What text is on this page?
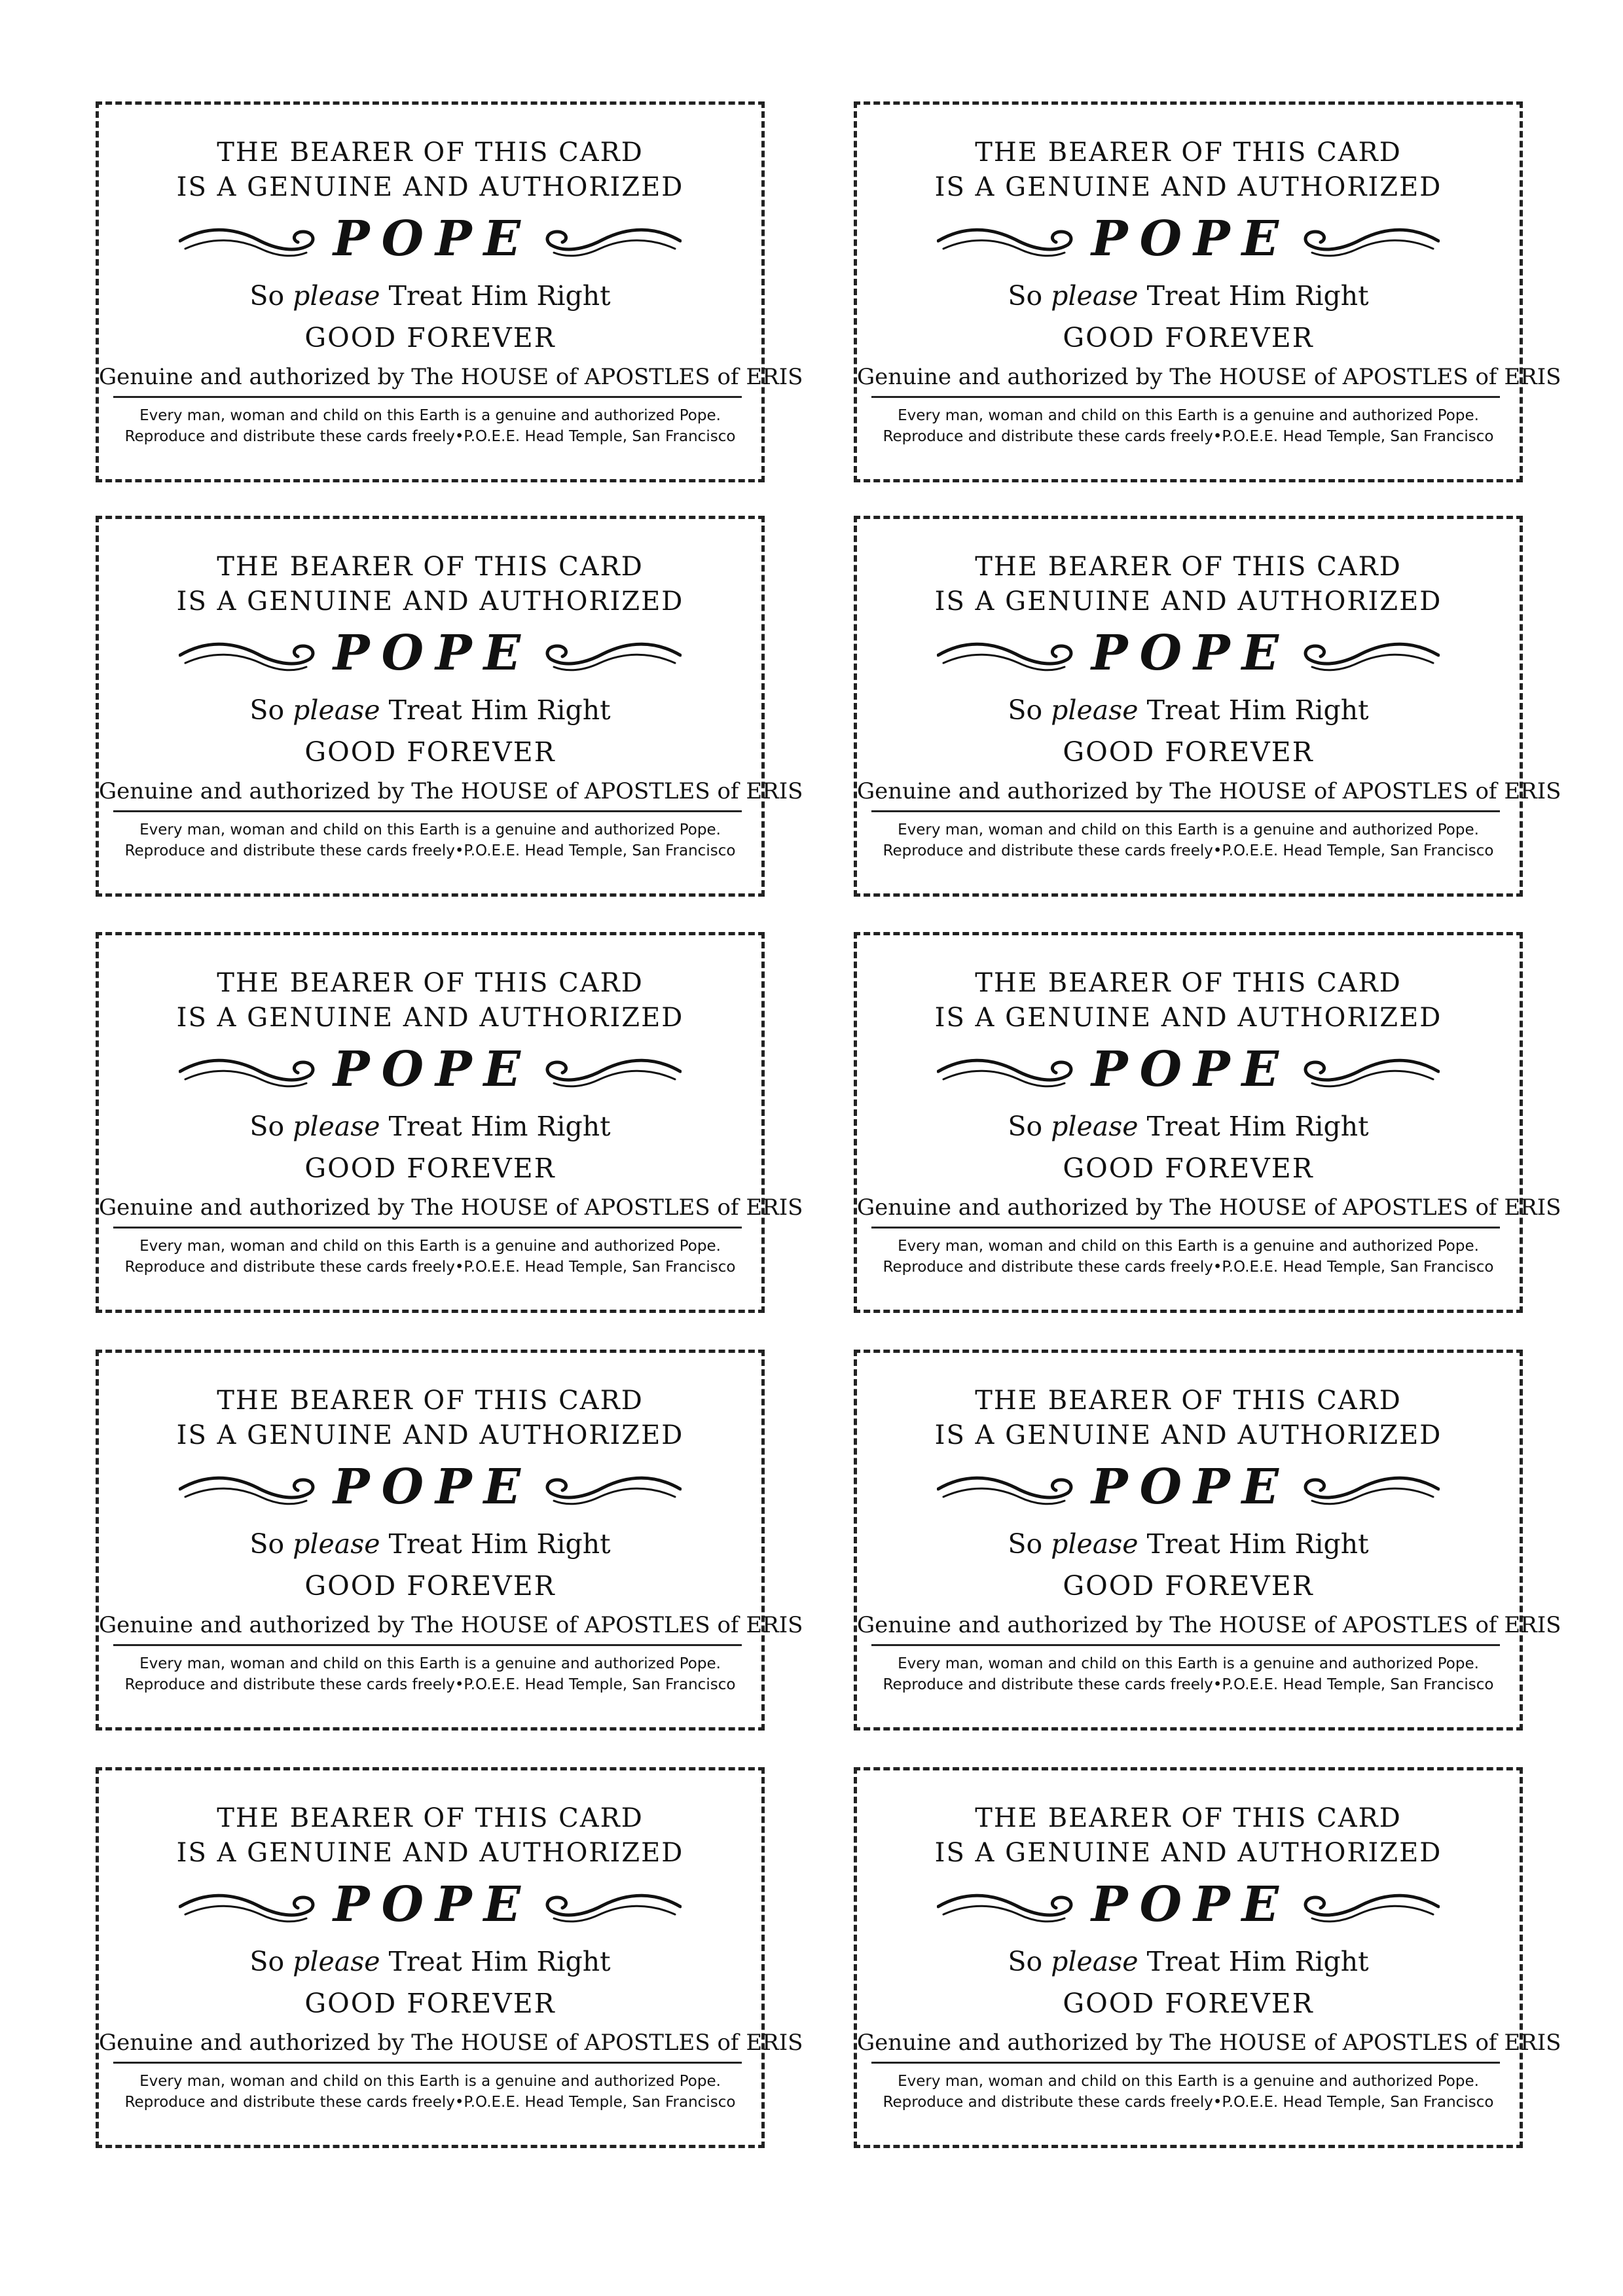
THE BEARER OF THIS CARD
IS A GENUINE AND AUTHORIZED
POPE
So please Treat Him Right
GOOD FOREVER
Genuine and authorized by The HOUSE of APOSTLES of ERIS
Every man, woman and child on this Earth is a genuine and authorized Pope.
Reproduce and distribute these cards freely•P.O.E.E. Head Temple, San Francisco
THE BEARER OF THIS CARD
IS A GENUINE AND AUTHORIZED
POPE
So please Treat Him Right
GOOD FOREVER
Genuine and authorized by The HOUSE of APOSTLES of ERIS
Every man, woman and child on this Earth is a genuine and authorized Pope.
Reproduce and distribute these cards freely•P.O.E.E. Head Temple, San Francisco
THE BEARER OF THIS CARD
IS A GENUINE AND AUTHORIZED
POPE
So please Treat Him Right
GOOD FOREVER
Genuine and authorized by The HOUSE of APOSTLES of ERIS
Every man, woman and child on this Earth is a genuine and authorized Pope.
Reproduce and distribute these cards freely•P.O.E.E. Head Temple, San Francisco
THE BEARER OF THIS CARD
IS A GENUINE AND AUTHORIZED
POPE
So please Treat Him Right
GOOD FOREVER
Genuine and authorized by The HOUSE of APOSTLES of ERIS
Every man, woman and child on this Earth is a genuine and authorized Pope.
Reproduce and distribute these cards freely•P.O.E.E. Head Temple, San Francisco
THE BEARER OF THIS CARD
IS A GENUINE AND AUTHORIZED
POPE
So please Treat Him Right
GOOD FOREVER
Genuine and authorized by The HOUSE of APOSTLES of ERIS
Every man, woman and child on this Earth is a genuine and authorized Pope.
Reproduce and distribute these cards freely•P.O.E.E. Head Temple, San Francisco
THE BEARER OF THIS CARD
IS A GENUINE AND AUTHORIZED
POPE
So please Treat Him Right
GOOD FOREVER
Genuine and authorized by The HOUSE of APOSTLES of ERIS
Every man, woman and child on this Earth is a genuine and authorized Pope.
Reproduce and distribute these cards freely•P.O.E.E. Head Temple, San Francisco
THE BEARER OF THIS CARD
IS A GENUINE AND AUTHORIZED
POPE
So please Treat Him Right
GOOD FOREVER
Genuine and authorized by The HOUSE of APOSTLES of ERIS
Every man, woman and child on this Earth is a genuine and authorized Pope.
Reproduce and distribute these cards freely•P.O.E.E. Head Temple, San Francisco
THE BEARER OF THIS CARD
IS A GENUINE AND AUTHORIZED
POPE
So please Treat Him Right
GOOD FOREVER
Genuine and authorized by The HOUSE of APOSTLES of ERIS
Every man, woman and child on this Earth is a genuine and authorized Pope.
Reproduce and distribute these cards freely•P.O.E.E. Head Temple, San Francisco
THE BEARER OF THIS CARD
IS A GENUINE AND AUTHORIZED
POPE
So please Treat Him Right
GOOD FOREVER
Genuine and authorized by The HOUSE of APOSTLES of ERIS
Every man, woman and child on this Earth is a genuine and authorized Pope.
Reproduce and distribute these cards freely•P.O.E.E. Head Temple, San Francisco
THE BEARER OF THIS CARD
IS A GENUINE AND AUTHORIZED
POPE
So please Treat Him Right
GOOD FOREVER
Genuine and authorized by The HOUSE of APOSTLES of ERIS
Every man, woman and child on this Earth is a genuine and authorized Pope.
Reproduce and distribute these cards freely•P.O.E.E. Head Temple, San Francisco
